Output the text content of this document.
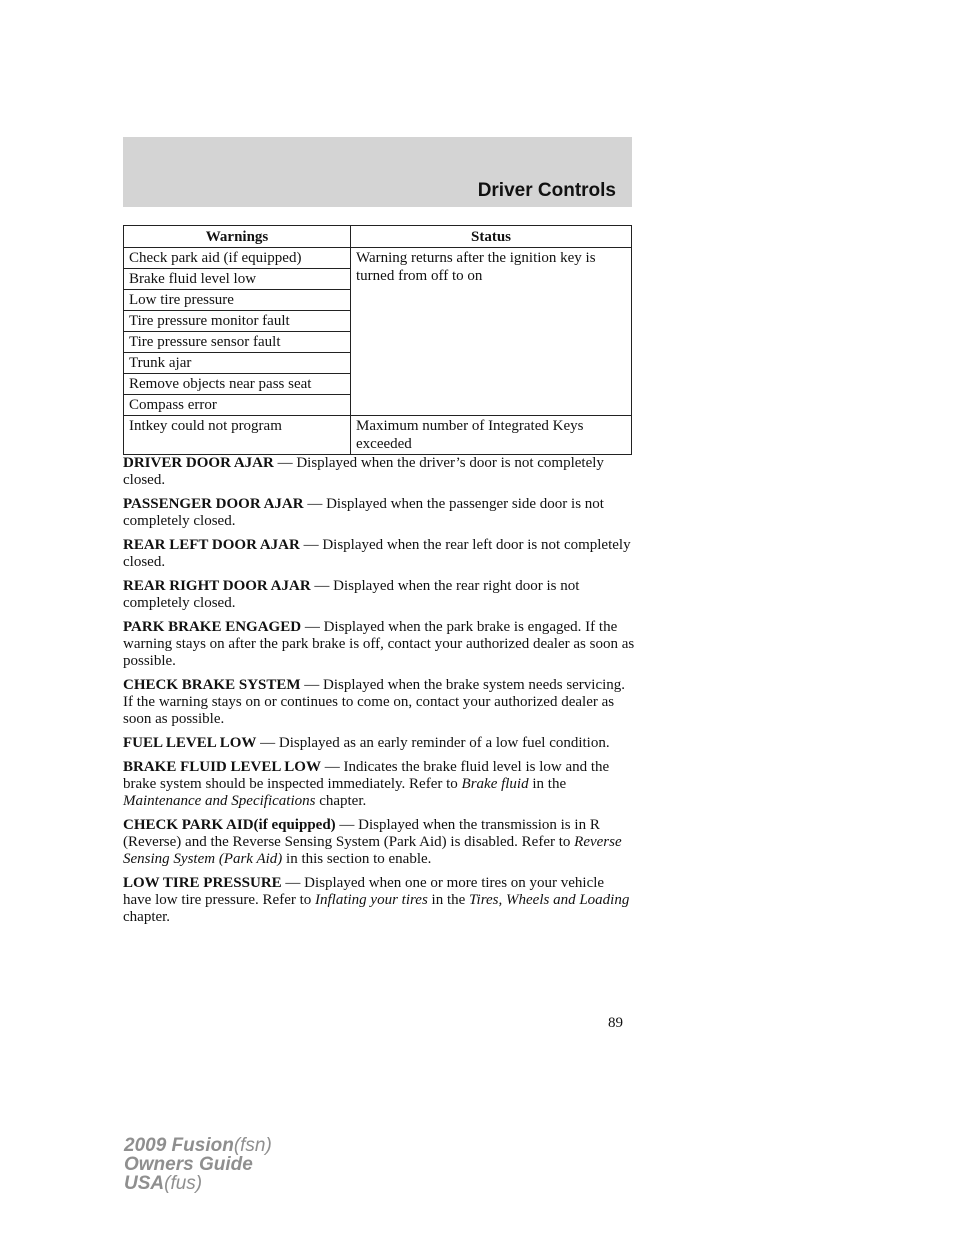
Driver Controls
Warnings	Status
Check park aid (if equipped)	Warning returns after the ignition key is turned from off to on
Brake fluid level low	
Low tire pressure	
Tire pressure monitor fault	
Tire pressure sensor fault	
Trunk ajar	
Remove objects near pass seat	
Compass error	
Intkey could not program	Maximum number of Integrated Keys exceeded

DRIVER DOOR AJAR — Displayed when the driver’s door is not completely closed.

PASSENGER DOOR AJAR — Displayed when the passenger side door is not completely closed.

REAR LEFT DOOR AJAR — Displayed when the rear left door is not completely closed.

REAR RIGHT DOOR AJAR — Displayed when the rear right door is not completely closed.

PARK BRAKE ENGAGED — Displayed when the park brake is engaged. If the warning stays on after the park brake is off, contact your authorized dealer as soon as possible.

CHECK BRAKE SYSTEM — Displayed when the brake system needs servicing. If the warning stays on or continues to come on, contact your authorized dealer as soon as possible.

FUEL LEVEL LOW — Displayed as an early reminder of a low fuel condition.

BRAKE FLUID LEVEL LOW — Indicates the brake fluid level is low and the brake system should be inspected immediately. Refer to Brake fluid in the Maintenance and Specifications chapter.

CHECK PARK AID(if equipped) — Displayed when the transmission is in R (Reverse) and the Reverse Sensing System (Park Aid) is disabled. Refer to Reverse Sensing System (Park Aid) in this section to enable.

LOW TIRE PRESSURE — Displayed when one or more tires on your vehicle have low tire pressure. Refer to Inflating your tires in the Tires, Wheels and Loading chapter.

89
2009 Fusion(fsn)
Owners Guide
USA(fus)
